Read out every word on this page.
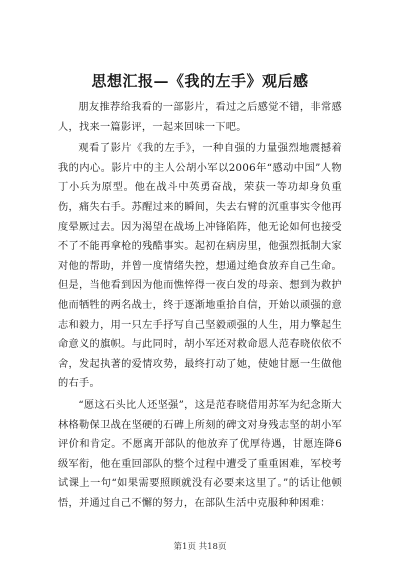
思想汇报—《我的左手》观后感

朋友推荐给我看的一部影片，看过之后感觉不错，非常感人，找来一篇影评，一起来回味一下吧。

观看了影片《我的左手》，一种自强的力量强烈地震撼着我的内心。影片中的主人公胡小军以2006年“感动中国”人物丁小兵为原型。他在战斗中英勇奋战，荣获一等功却身负重伤，痛失右手。苏醒过来的瞬间，失去右臂的沉重事实令他再度晕厥过去。因为渴望在战场上冲锋陷阵，他无论如何也接受不了不能再拿枪的残酷事实。起初在病房里，他强烈抵制大家对他的帮助，并曾一度情绪失控，想通过绝食放弃自己生命。但是，当他看到因为他而憔悴得一夜白发的母亲、想到为救护他而牺牲的两名战士，终于逐渐地重拾自信，开始以顽强的意志和毅力，用一只左手抒写自己坚毅顽强的人生，用力擎起生命意义的旗帜。与此同时，胡小军还对救命恩人范春晓依依不舍，发起执著的爱情攻势，最终打动了她，使她甘愿一生做他的右手。

“愿这石头比人还坚强”，这是范春晓借用苏军为纪念斯大林格勒保卫战在坚硬的石碑上所刻的碑文对身残志坚的胡小军评价和肯定。不愿离开部队的他放弃了优厚待遇，甘愿连降6级军衔，他在重回部队的整个过程中遭受了重重困难，军校考试课上一句“如果需要照顾就没有必要来这里了。”的话让他顿悟，并通过自己不懈的努力，在部队生活中克服种种困难：

第1页 共18页
